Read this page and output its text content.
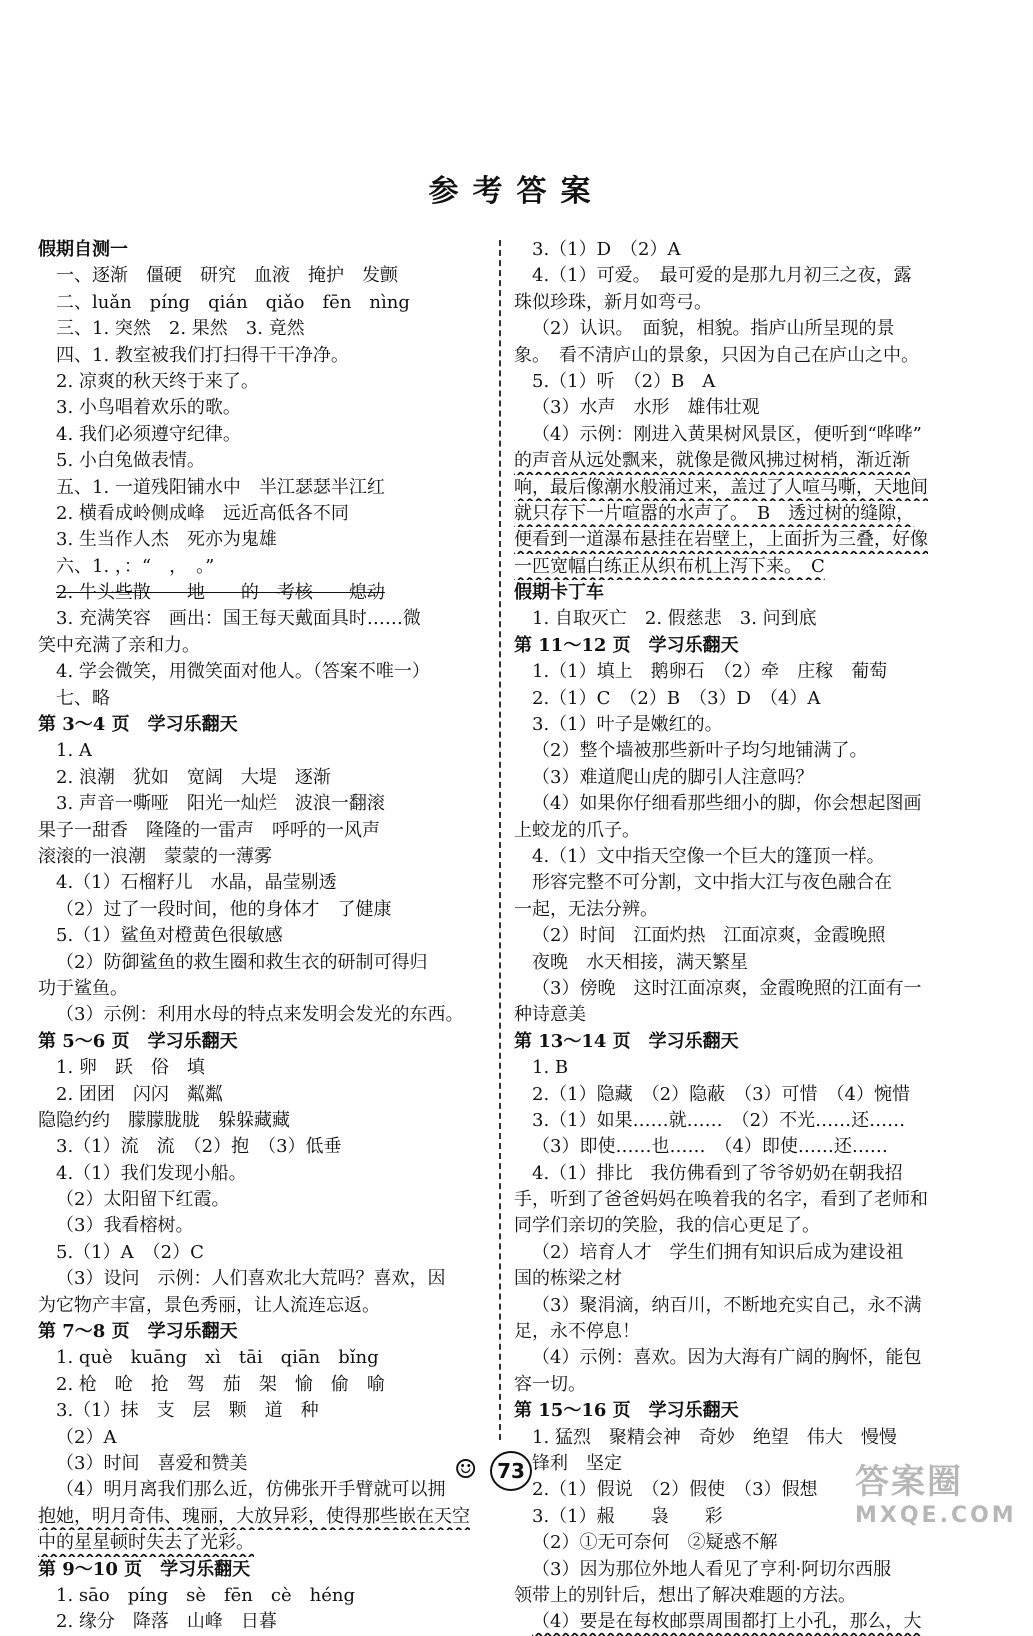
参考答案
假期自测一
一、逐渐　僵硬　研究　血液　掩护　发颤
二、luǎn　píng　qián　qiǎo　fēn　nìng
三、1. 突然　2. 果然　3. 竟然
四、1. 教室被我们打扫得干干净净。
2. 凉爽的秋天终于来了。
3. 小鸟唱着欢乐的歌。
4. 我们必须遵守纪律。
5. 小白兔做表情。
五、1. 一道残阳铺水中　半江瑟瑟半江红
2. 横看成岭侧成峰　远近高低各不同
3. 生当作人杰　死亦为鬼雄
六、1. ，：“　，　。”
2. 牛头些散　　地　　的　考核　　熄动
3. 充满笑容　画出：国王每天戴面具时……微
笑中充满了亲和力。
4. 学会微笑，用微笑面对他人。（答案不唯一）
七、略
第 3～4 页　学习乐翻天
1. A
2. 浪潮　犹如　宽阔　大堤　逐渐
3. 声音一嘶哑　阳光一灿烂　波浪一翻滚
果子一甜香　隆隆的一雷声　呼呼的一风声
滚滚的一浪潮　蒙蒙的一薄雾
4.（1）石榴籽儿　水晶，晶莹剔透
（2）过了一段时间，他的身体才　了健康
5.（1）鲨鱼对橙黄色很敏感
（2）防御鲨鱼的救生圈和救生衣的研制可得归
功于鲨鱼。
（3）示例：利用水母的特点来发明会发光的东西。
第 5～6 页　学习乐翻天
1. 卵　跃　俗　填
2. 团团　闪闪　粼粼
隐隐约约　朦朦胧胧　躲躲藏藏
3.（1）流　流　（2）抱　（3）低垂
4.（1）我们发现小船。
（2）太阳留下红霞。
（3）我看榕树。
5.（1）A　（2）C
（3）设问　示例：人们喜欢北大荒吗？喜欢，因
为它物产丰富，景色秀丽，让人流连忘返。
第 7～8 页　学习乐翻天
1. què　kuāng　xì　tāi　qiān　bǐng
2. 枪　呛　抢　驾　茄　架　愉　偷　喻
3.（1）抹　支　层　颗　道　种
（2）A
（3）时间　喜爱和赞美
（4）明月离我们那么近，仿佛张开手臂就可以拥
抱她，明月奇伟、瑰丽，大放异彩，使得那些嵌在天空
中的星星顿时失去了光彩。
第 9～10 页　学习乐翻天
1. sāo　píng　sè　fēn　cè　héng
2. 缘分　降落　山峰　日暮
3.（1）D　（2）A
4.（1）可爱。　最可爱的是那九月初三之夜，露
珠似珍珠，新月如弯弓。
（2）认识。　面貌，相貌。指庐山所呈现的景
象。　看不清庐山的景象，只因为自己在庐山之中。
5.（1）听　（2）B　A
（3）水声　水形　雄伟壮观
（4）示例：刚进入黄果树风景区，便听到“哗哗”
的声音从远处飘来，就像是微风拂过树梢，渐近渐
响，最后像潮水般涌过来，盖过了人喧马嘶，天地间
就只存下一片喧嚣的水声了。　B　透过树的缝隙，
便看到一道瀑布悬挂在岩壁上，上面折为三叠，好像
一匹宽幅白练正从织布机上泻下来。　C
假期卡丁车
1. 自取灭亡　2. 假慈悲　3. 问到底
第 11～12 页　学习乐翻天
1.（1）填上　鹅卵石　（2）牵　庄稼　葡萄
2.（1）C　（2）B　（3）D　（4）A
3.（1）叶子是嫩红的。
（2）整个墙被那些新叶子均匀地铺满了。
（3）难道爬山虎的脚引人注意吗？
（4）如果你仔细看那些细小的脚，你会想起图画
上蛟龙的爪子。
4.（1）文中指天空像一个巨大的篷顶一样。
形容完整不可分割，文中指大江与夜色融合在
一起，无法分辨。
（2）时间　江面灼热　江面凉爽，金霞晚照
夜晚　水天相接，满天繁星
（3）傍晚　这时江面凉爽，金霞晚照的江面有一
种诗意美
第 13～14 页　学习乐翻天
1. B
2.（1）隐藏　（2）隐蔽　（3）可惜　（4）惋惜
3.（1）如果……就……　（2）不光……还……
（3）即使……也……　（4）即使……还……
4.（1）排比　我仿佛看到了爷爷奶奶在朝我招
手，听到了爸爸妈妈在唤着我的名字，看到了老师和
同学们亲切的笑脸，我的信心更足了。
（2）培育人才　学生们拥有知识后成为建设祖
国的栋梁之材
（3）聚涓滴，纳百川，不断地充实自己，永不满
足，永不停息！
（4）示例：喜欢。因为大海有广阔的胸怀，能包
容一切。
第 15～16 页　学习乐翻天
1. 猛烈　聚精会神　奇妙　绝望　伟大　慢慢
锋利　坚定
2.（1）假说　（2）假使　（3）假想
3.（1）赧　　袅　　彩
（2）①无可奈何　②疑惑不解
（3）因为那位外地人看见了亨利·阿切尔西服
领带上的别针后，想出了解决难题的方法。
（4）要是在每枚邮票周围都打上小孔，那么，大
☺ 73	答案圈
MXQE.COM
